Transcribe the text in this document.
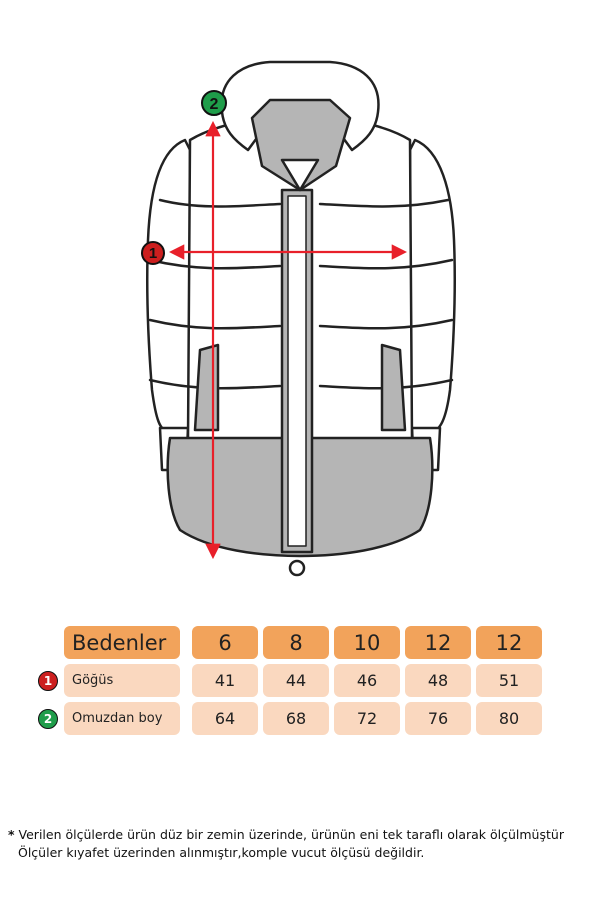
1
2
Bedenler	6	8	10	12	12
1	Göğüs	41	44	46	48	51
2	Omuzdan boy	64	68	72	76	80
* Verilen ölçülerde ürün düz bir zemin üzerinde, ürünün eni tek taraflı olarak ölçülmüştür
Ölçüler kıyafet üzerinden alınmıştır,komple vucut ölçüsü değildir.
